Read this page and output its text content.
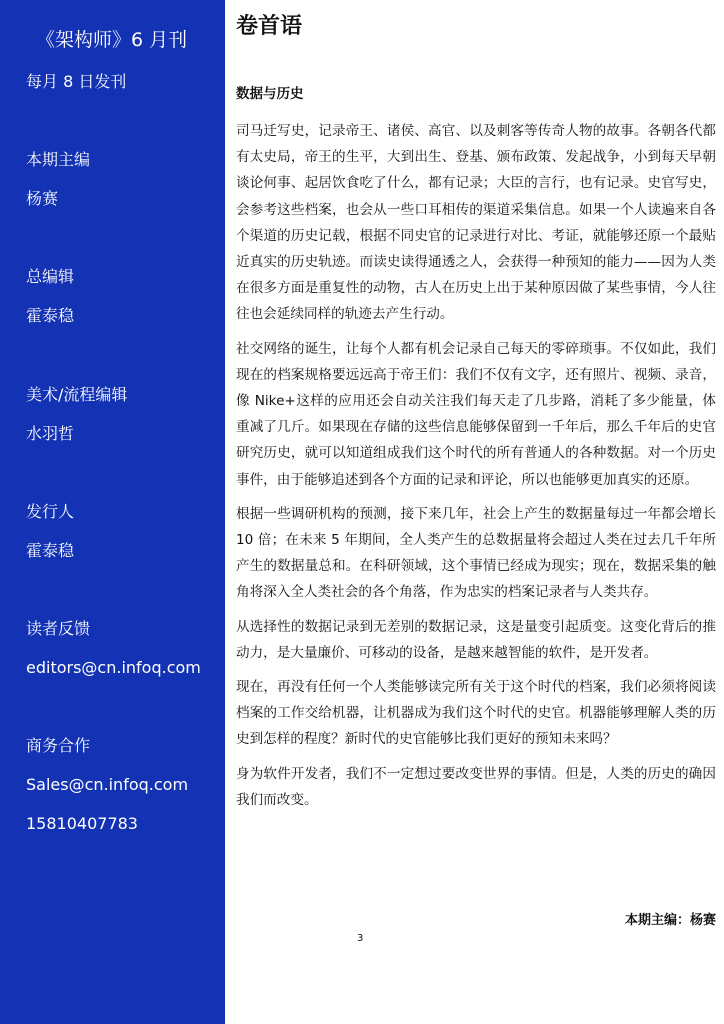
《架构师》6 月刊
每月 8 日发刊
本期主编
杨赛
总编辑
霍泰稳
美术/流程编辑
水羽哲
发行人
霍泰稳
读者反馈
editors@cn.infoq.com
商务合作
Sales@cn.infoq.com
15810407783
卷首语
数据与历史

司马迁写史，记录帝王、诸侯、高官、以及刺客等传奇人物的故事。各朝各代都有太史局，帝王的生平，大到出生、登基、颁布政策、发起战争，小到每天早朝谈论何事、起居饮食吃了什么，都有记录；大臣的言行，也有记录。史官写史，会参考这些档案，也会从一些口耳相传的渠道采集信息。如果一个人读遍来自各个渠道的历史记载，根据不同史官的记录进行对比、考证，就能够还原一个最贴近真实的历史轨迹。而读史读得通透之人，会获得一种预知的能力——因为人类在很多方面是重复性的动物，古人在历史上出于某种原因做了某些事情，今人往往也会延续同样的轨迹去产生行动。

社交网络的诞生，让每个人都有机会记录自己每天的零碎琐事。不仅如此，我们现在的档案规格要远远高于帝王们：我们不仅有文字，还有照片、视频、录音，像 Nike+这样的应用还会自动关注我们每天走了几步路，消耗了多少能量，体重减了几斤。如果现在存储的这些信息能够保留到一千年后，那么千年后的史官研究历史，就可以知道组成我们这个时代的所有普通人的各种数据。对一个历史事件，由于能够追述到各个方面的记录和评论，所以也能够更加真实的还原。

根据一些调研机构的预测，接下来几年，社会上产生的数据量每过一年都会增长 10 倍；在未来 5 年期间，全人类产生的总数据量将会超过人类在过去几千年所产生的数据量总和。在科研领域，这个事情已经成为现实；现在，数据采集的触角将深入全人类社会的各个角落，作为忠实的档案记录者与人类共存。

从选择性的数据记录到无差别的数据记录，这是量变引起质变。这变化背后的推动力，是大量廉价、可移动的设备，是越来越智能的软件，是开发者。

现在，再没有任何一个人类能够读完所有关于这个时代的档案，我们必须将阅读档案的工作交给机器，让机器成为我们这个时代的史官。机器能够理解人类的历史到怎样的程度？新时代的史官能够比我们更好的预知未来吗？

身为软件开发者，我们不一定想过要改变世界的事情。但是，人类的历史的确因我们而改变。

本期主编：杨赛
3
